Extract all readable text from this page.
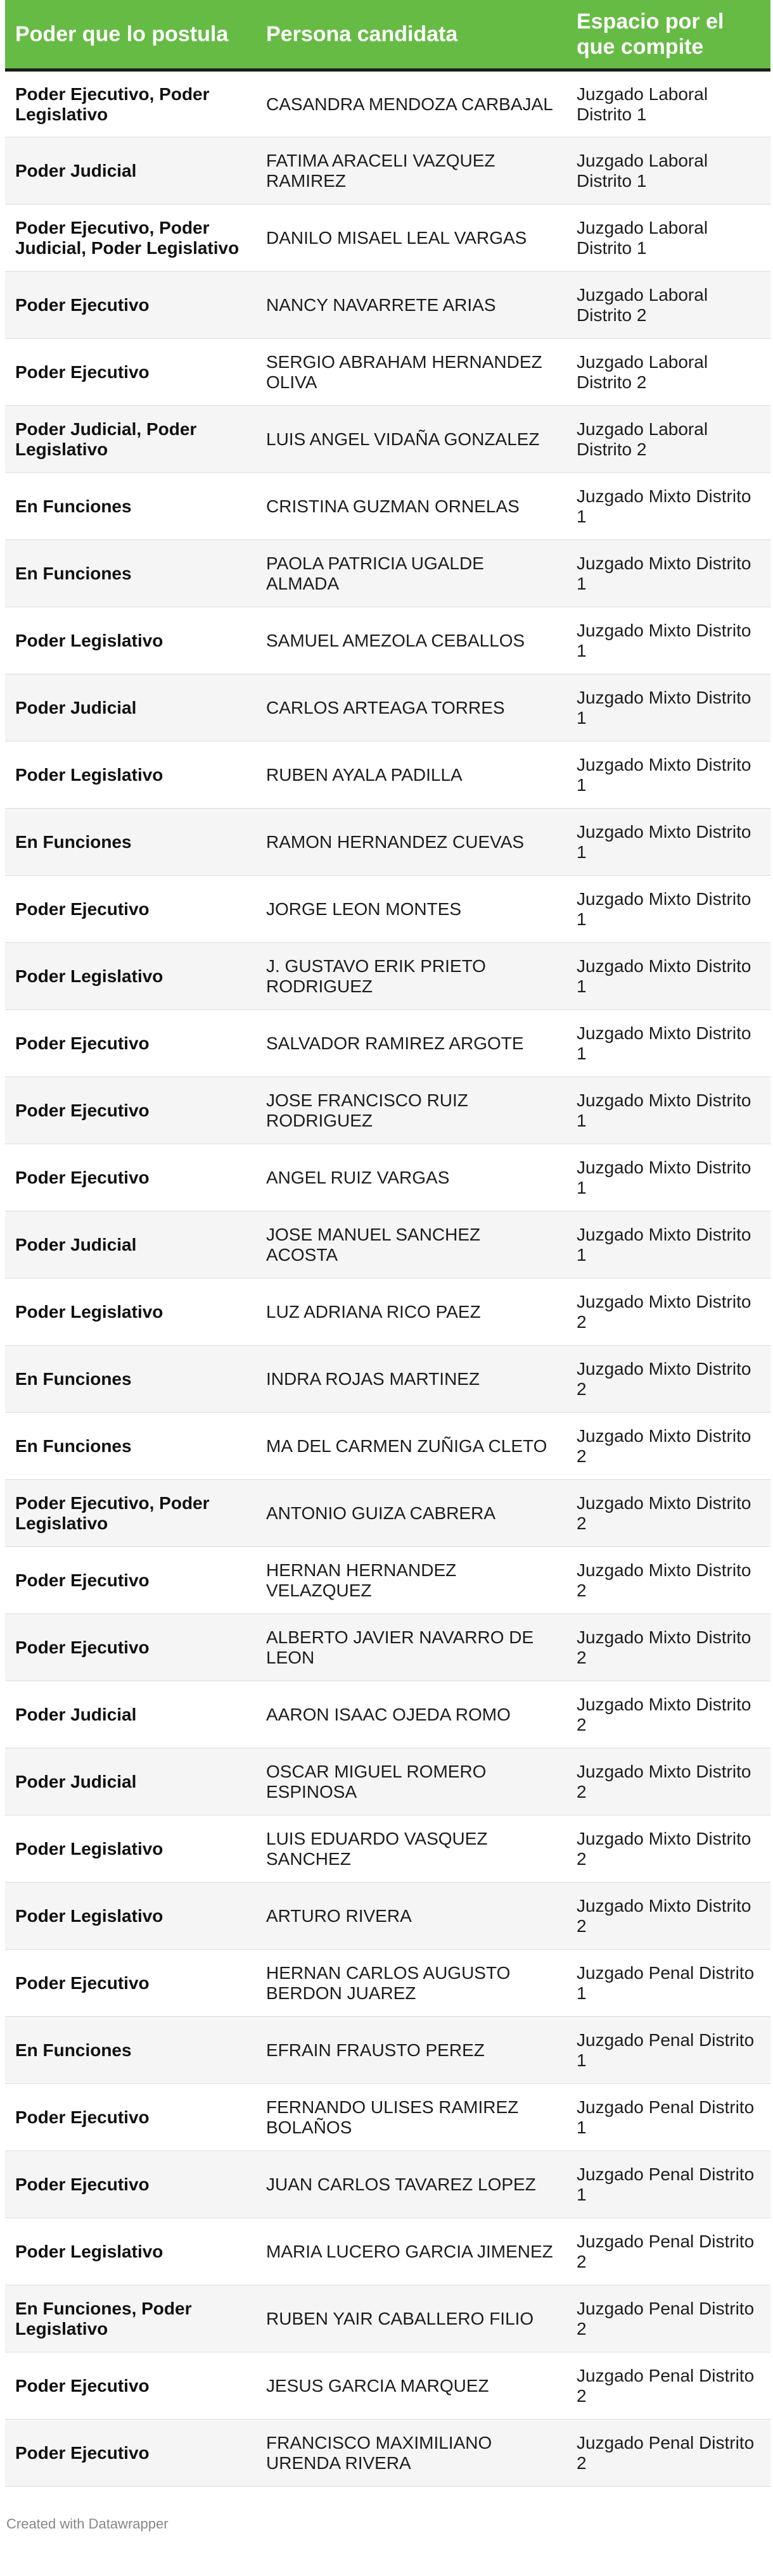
Poder que lo postula	Persona candidata	Espacio por el que compite
Poder Ejecutivo, Poder Legislativo	CASANDRA MENDOZA CARBAJAL	Juzgado Laboral Distrito 1
Poder Judicial	FATIMA ARACELI VAZQUEZ RAMIREZ	Juzgado Laboral Distrito 1
Poder Ejecutivo, Poder Judicial, Poder Legislativo	DANILO MISAEL LEAL VARGAS	Juzgado Laboral Distrito 1
Poder Ejecutivo	NANCY NAVARRETE ARIAS	Juzgado Laboral Distrito 2
Poder Ejecutivo	SERGIO ABRAHAM HERNANDEZ OLIVA	Juzgado Laboral Distrito 2
Poder Judicial, Poder Legislativo	LUIS ANGEL VIDAÑA GONZALEZ	Juzgado Laboral Distrito 2
En Funciones	CRISTINA GUZMAN ORNELAS	Juzgado Mixto Distrito 1
En Funciones	PAOLA PATRICIA UGALDE ALMADA	Juzgado Mixto Distrito 1
Poder Legislativo	SAMUEL AMEZOLA CEBALLOS	Juzgado Mixto Distrito 1
Poder Judicial	CARLOS ARTEAGA TORRES	Juzgado Mixto Distrito 1
Poder Legislativo	RUBEN AYALA PADILLA	Juzgado Mixto Distrito 1
En Funciones	RAMON HERNANDEZ CUEVAS	Juzgado Mixto Distrito 1
Poder Ejecutivo	JORGE LEON MONTES	Juzgado Mixto Distrito 1
Poder Legislativo	J. GUSTAVO ERIK PRIETO RODRIGUEZ	Juzgado Mixto Distrito 1
Poder Ejecutivo	SALVADOR RAMIREZ ARGOTE	Juzgado Mixto Distrito 1
Poder Ejecutivo	JOSE FRANCISCO RUIZ RODRIGUEZ	Juzgado Mixto Distrito 1
Poder Ejecutivo	ANGEL RUIZ VARGAS	Juzgado Mixto Distrito 1
Poder Judicial	JOSE MANUEL SANCHEZ ACOSTA	Juzgado Mixto Distrito 1
Poder Legislativo	LUZ ADRIANA RICO PAEZ	Juzgado Mixto Distrito 2
En Funciones	INDRA ROJAS MARTINEZ	Juzgado Mixto Distrito 2
En Funciones	MA DEL CARMEN ZUÑIGA CLETO	Juzgado Mixto Distrito 2
Poder Ejecutivo, Poder Legislativo	ANTONIO GUIZA CABRERA	Juzgado Mixto Distrito 2
Poder Ejecutivo	HERNAN HERNANDEZ VELAZQUEZ	Juzgado Mixto Distrito 2
Poder Ejecutivo	ALBERTO JAVIER NAVARRO DE LEON	Juzgado Mixto Distrito 2
Poder Judicial	AARON ISAAC OJEDA ROMO	Juzgado Mixto Distrito 2
Poder Judicial	OSCAR MIGUEL ROMERO ESPINOSA	Juzgado Mixto Distrito 2
Poder Legislativo	LUIS EDUARDO VASQUEZ SANCHEZ	Juzgado Mixto Distrito 2
Poder Legislativo	ARTURO RIVERA	Juzgado Mixto Distrito 2
Poder Ejecutivo	HERNAN CARLOS AUGUSTO BERDON JUAREZ	Juzgado Penal Distrito 1
En Funciones	EFRAIN FRAUSTO PEREZ	Juzgado Penal Distrito 1
Poder Ejecutivo	FERNANDO ULISES RAMIREZ BOLAÑOS	Juzgado Penal Distrito 1
Poder Ejecutivo	JUAN CARLOS TAVAREZ LOPEZ	Juzgado Penal Distrito 1
Poder Legislativo	MARIA LUCERO GARCIA JIMENEZ	Juzgado Penal Distrito 2
En Funciones, Poder Legislativo	RUBEN YAIR CABALLERO FILIO	Juzgado Penal Distrito 2
Poder Ejecutivo	JESUS GARCIA MARQUEZ	Juzgado Penal Distrito 2
Poder Ejecutivo	FRANCISCO MAXIMILIANO URENDA RIVERA	Juzgado Penal Distrito 2
Created with Datawrapper
